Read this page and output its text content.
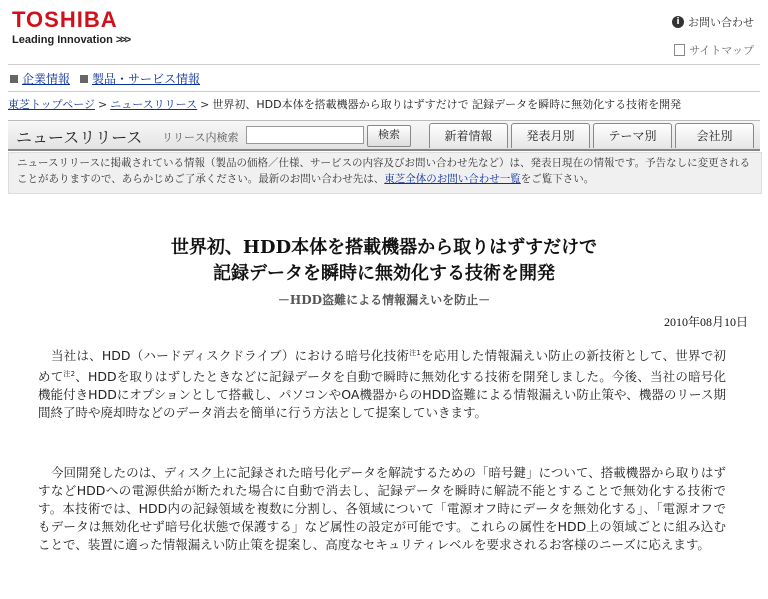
TOSHIBA
Leading Innovation >>>
i お問い合わせ
サイトマップ
企業情報 製品・サービス情報
東芝トップページ > ニュースリリース > 世界初、HDD本体を搭載機器から取りはずすだけで 記録データを瞬時に無効化する技術を開発
ニュースリリース リリース内検索	検索	新着情報	発表月別	テーマ別	会社別
ニュースリリースに掲載されている情報（製品の価格／仕様、サービスの内容及びお問い合わせ先など）は、発表日現在の情報です。予告なしに変更されることがありますので、あらかじめご了承ください。最新のお問い合わせ先は、東芝全体のお問い合わせ一覧をご覧下さい。
世界初、HDD本体を搭載機器から取りはずすだけで
記録データを瞬時に無効化する技術を開発
－HDD盗難による情報漏えいを防止－
2010年08月10日
当社は、HDD（ハードディスクドライブ）における暗号化技術$^{注1}$を応用した情報漏えい防止の新技術として、世界で初めて$^{注2}$、HDDを取りはずしたときなどに記録データを自動で瞬時に無効化する技術を開発しました。今後、当社の暗号化機能付きHDDにオプションとして搭載し、パソコンやOA機器からのHDD盗難による情報漏えい防止策や、機器のリース期間終了時や廃却時などのデータ消去を簡単に行う方法として提案していきます。
今回開発したのは、ディスク上に記録された暗号化データを解読するための「暗号鍵」について、搭載機器から取りはずすなどHDDへの電源供給が断たれた場合に自動で消去し、記録データを瞬時に解読不能とすることで無効化する技術です。本技術では、HDD内の記録領域を複数に分割し、各領域について「電源オフ時にデータを無効化する」、「電源オフでもデータは無効化せず暗号化状態で保護する」など属性の設定が可能です。これらの属性をHDD上の領域ごとに組み込むことで、装置に適った情報漏えい防止策を提案し、高度なセキュリティレベルを要求されるお客様のニーズに応えます。
